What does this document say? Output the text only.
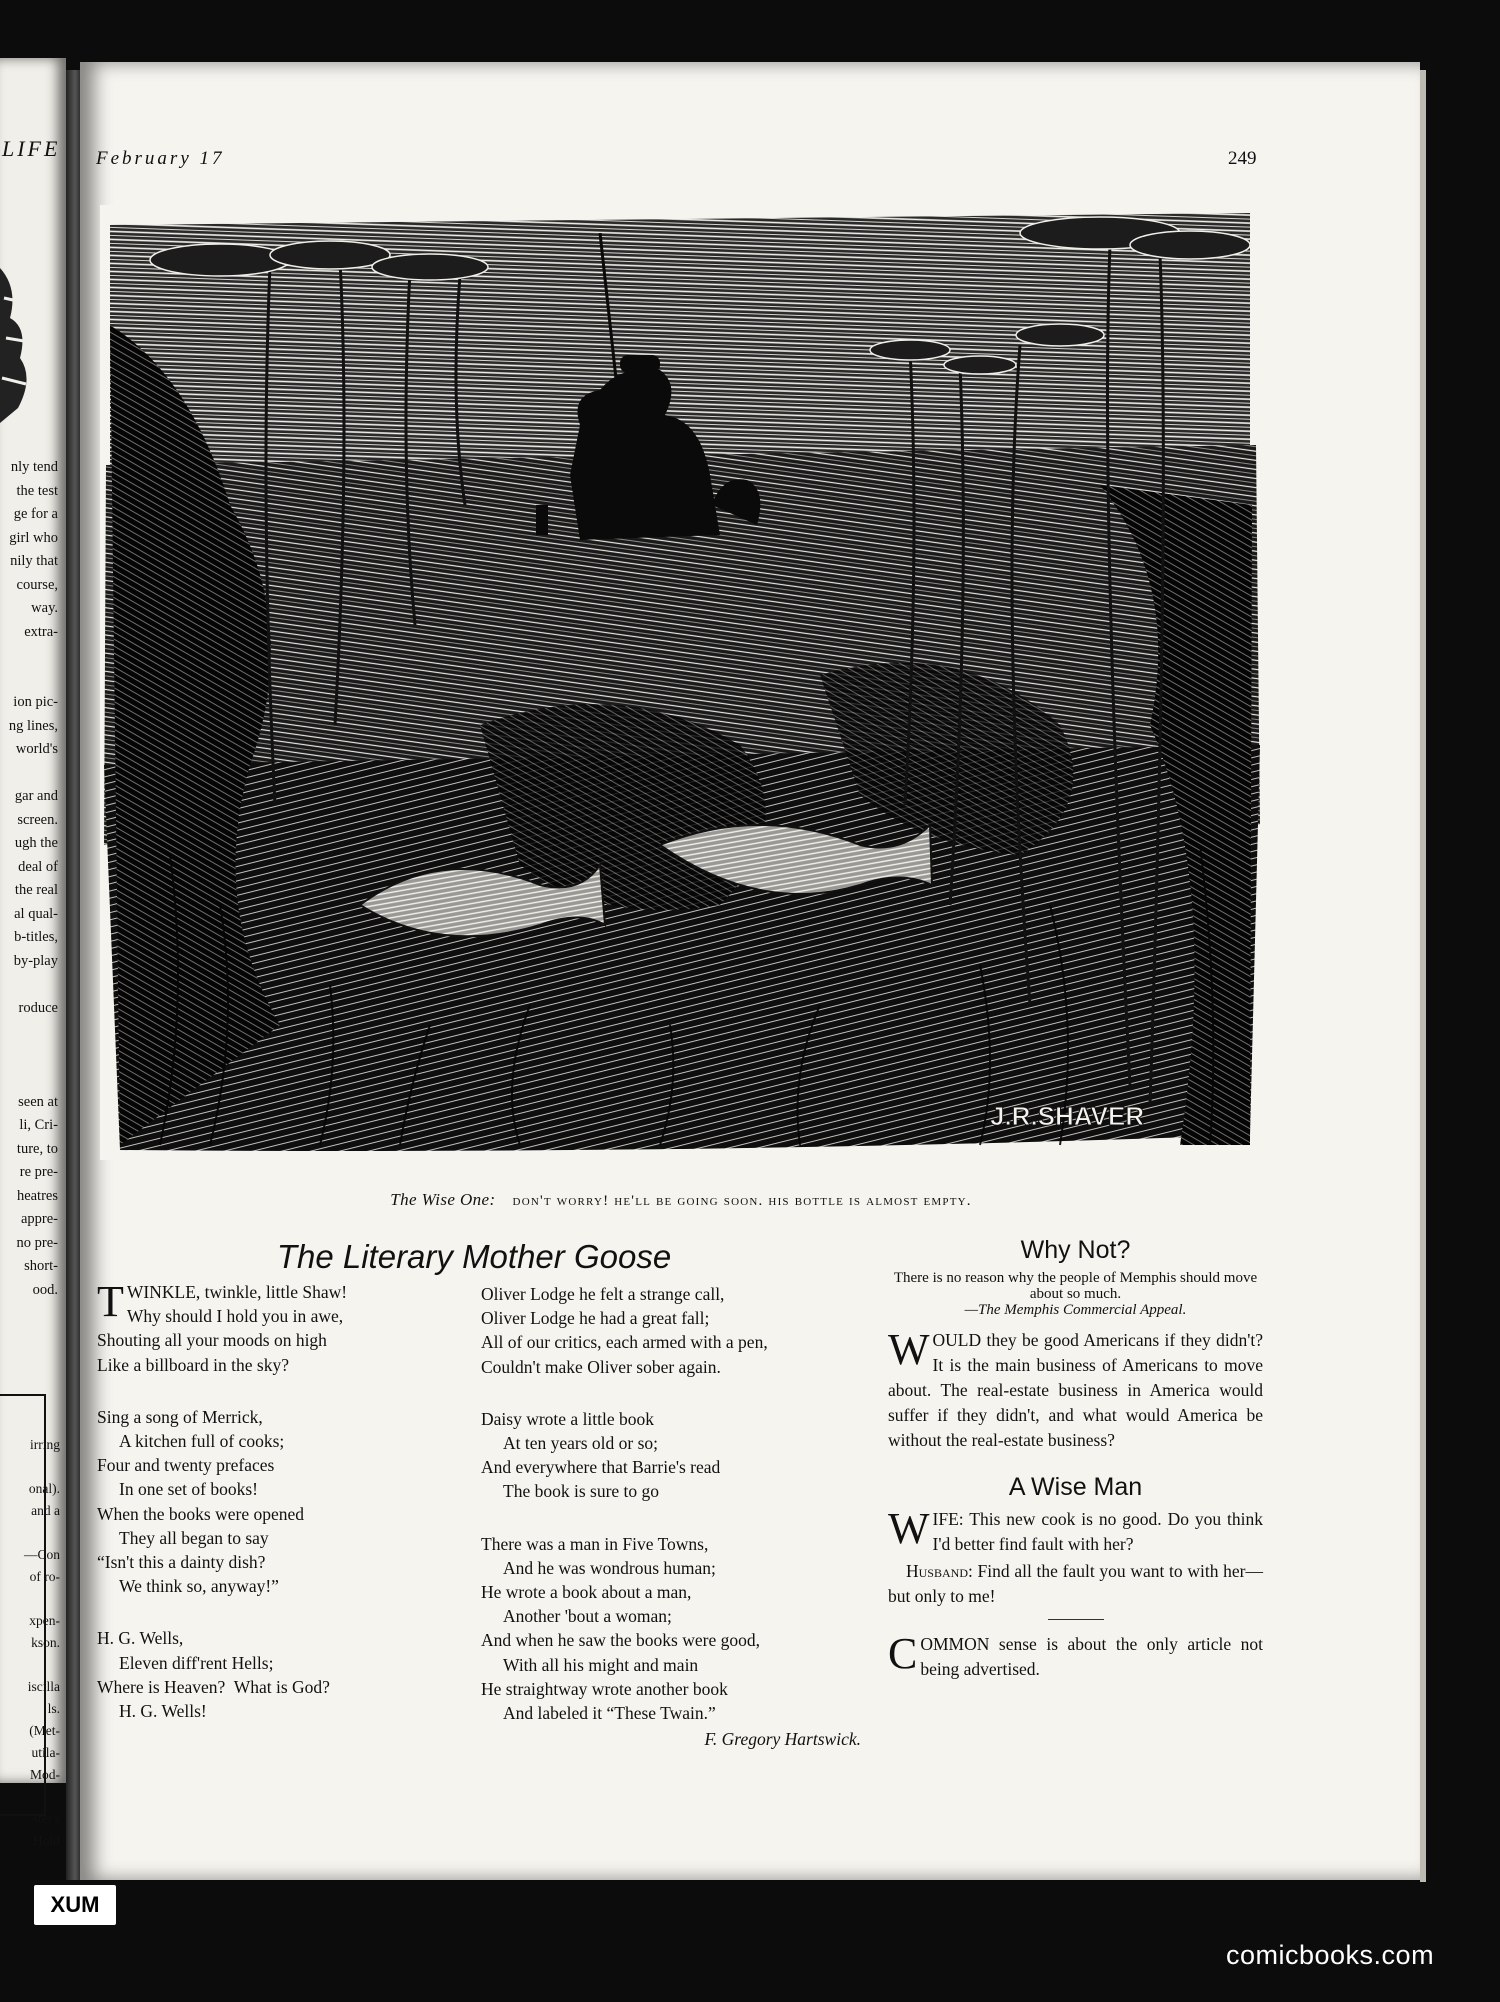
LIFE
nly tend
the test
ge for a
girl who
nily that
course,
way.
extra-

ion pic-
ng lines,
world's

gar and
screen.
ugh the
deal of
the real
al qual-
b-titles,
by-play

roduce

seen at
li, Cri-
ture, to
re pre-
heatres
appre-
no pre-
short-
ood.
irring

onal).
and a

—Con
of ro-

xpen-
kson.

iscilla
ls.
(Met-
utila-
Mod-

ster's
Hold
February 17	249
J.R.SHAVER
The Wise One: don't worry! he'll be going soon. his bottle is almost empty.
The Literary Mother Goose
TWINKLE, twinkle, little Shaw!
Why should I hold you in awe,
Shouting all your moods on high
Like a billboard in the sky?
Sing a song of Merrick,
A kitchen full of cooks;
Four and twenty prefaces
In one set of books!
When the books were opened
They all began to say
“Isn't this a dainty dish?
We think so, anyway!”
H. G. Wells,
Eleven diff'rent Hells;
Where is Heaven?  What is God?
H. G. Wells!
Oliver Lodge he felt a strange call,
Oliver Lodge he had a great fall;
All of our critics, each armed with a pen,
Couldn't make Oliver sober again.
Daisy wrote a little book
At ten years old or so;
And everywhere that Barrie's read
The book is sure to go
There was a man in Five Towns,
And he was wondrous human;
He wrote a book about a man,
Another 'bout a woman;
And when he saw the books were good,
With all his might and main
He straightway wrote another book
And labeled it “These Twain.”
F. Gregory Hartswick.
Why Not?
There is no reason why the people of Memphis should move about so much.
—The Memphis Commercial Appeal.
WOULD they be good Americans if they didn't? It is the main business of Americans to move about. The real-estate business in America would suffer if they didn't, and what would America be without the real-estate business?
A Wise Man
WIFE: This new cook is no good. Do you think I'd better find fault with her?
Husband: Find all the fault you want to with her—but only to me!
COMMON sense is about the only article not being advertised.
XUM
comicbooks.com
